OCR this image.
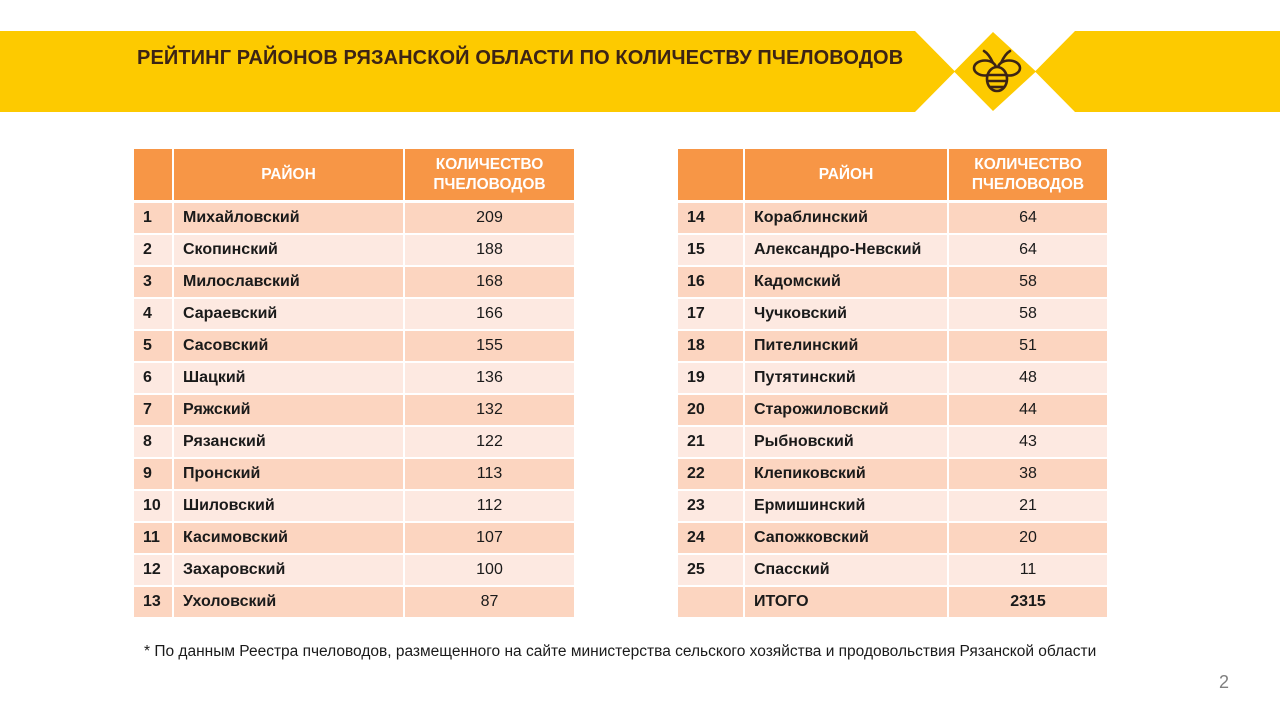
РЕЙТИНГ РАЙОНОВ РЯЗАНСКОЙ ОБЛАСТИ ПО КОЛИЧЕСТВУ ПЧЕЛОВОДОВ
	РАЙОН	КОЛИЧЕСТВО
ПЧЕЛОВОДОВ
1	Михайловский	209
2	Скопинский	188
3	Милославский	168
4	Сараевский	166
5	Сасовский	155
6	Шацкий	136
7	Ряжский	132
8	Рязанский	122
9	Пронский	113
10	Шиловский	112
11	Касимовский	107
12	Захаровский	100
13	Ухоловский	87
	РАЙОН	КОЛИЧЕСТВО
ПЧЕЛОВОДОВ
14	Кораблинский	64
15	Александро-Невский	64
16	Кадомский	58
17	Чучковский	58
18	Пителинский	51
19	Путятинский	48
20	Старожиловский	44
21	Рыбновский	43
22	Клепиковский	38
23	Ермишинский	21
24	Сапожковский	20
25	Спасский	11
	ИТОГО	2315
* По данным Реестра пчеловодов, размещенного на сайте министерства сельского хозяйства и продовольствия Рязанской области
2
